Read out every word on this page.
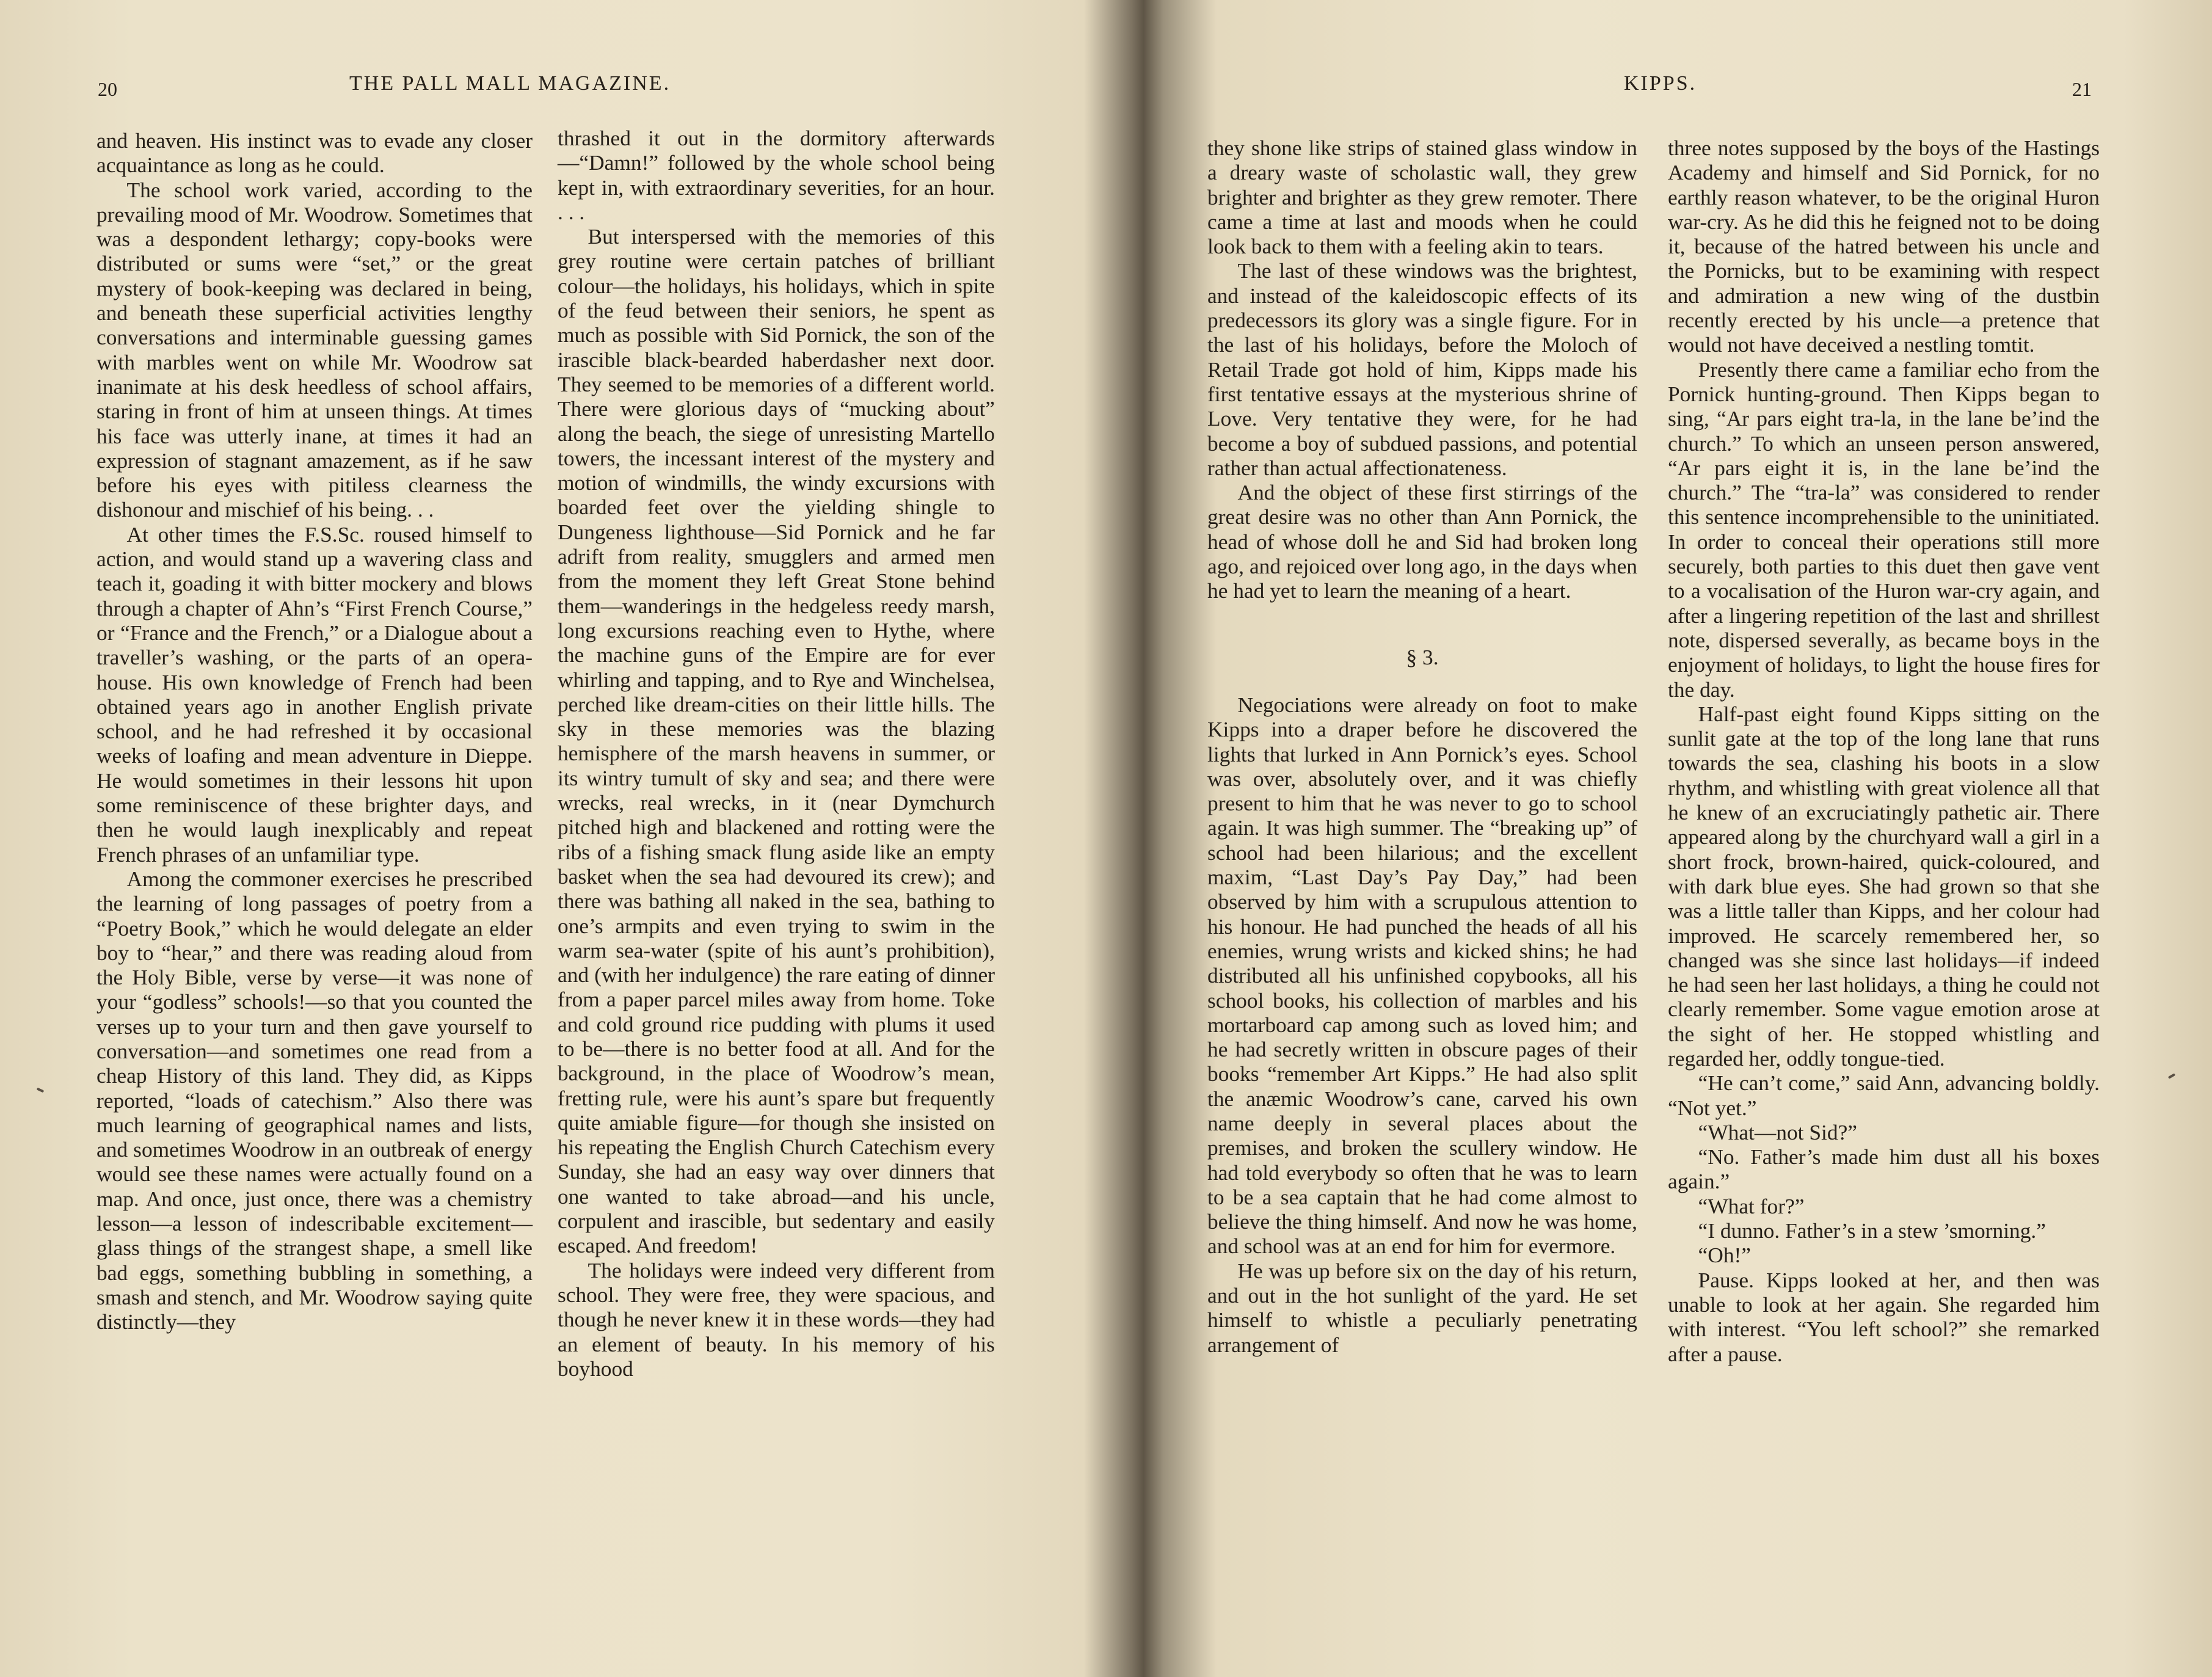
20	THE PALL MALL MAGAZINE.

and heaven. His instinct was to evade any closer acquaintance as long as he could.

The school work varied, according to the prevailing mood of Mr. Woodrow. Sometimes that was a despondent lethargy; copy-books were distributed or sums were “set,” or the great mystery of book-keeping was declared in being, and beneath these superficial activities lengthy conversations and interminable guessing games with marbles went on while Mr. Woodrow sat inanimate at his desk heedless of school affairs, staring in front of him at unseen things. At times his face was utterly inane, at times it had an expression of stagnant amazement, as if he saw before his eyes with pitiless clearness the dishonour and mischief of his being. . .

At other times the F.S.Sc. roused himself to action, and would stand up a wavering class and teach it, goading it with bitter mockery and blows through a chapter of Ahn’s “First French Course,” or “France and the French,” or a Dialogue about a traveller’s washing, or the parts of an opera-house. His own knowledge of French had been obtained years ago in another English private school, and he had refreshed it by occasional weeks of loafing and mean adventure in Dieppe. He would sometimes in their lessons hit upon some reminiscence of these brighter days, and then he would laugh inexplicably and repeat French phrases of an unfamiliar type.

Among the commoner exercises he prescribed the learning of long passages of poetry from a “Poetry Book,” which he would delegate an elder boy to “hear,” and there was reading aloud from the Holy Bible, verse by verse—it was none of your “godless” schools!—so that you counted the verses up to your turn and then gave yourself to conversation—and sometimes one read from a cheap History of this land. They did, as Kipps reported, “loads of catechism.” Also there was much learning of geographical names and lists, and sometimes Woodrow in an outbreak of energy would see these names were actually found on a map. And once, just once, there was a chemistry lesson—a lesson of indescribable excitement—glass things of the strangest shape, a smell like bad eggs, something bubbling in something, a smash and stench, and Mr. Woodrow saying quite distinctly—they

thrashed it out in the dormitory afterwards —“Damn!” followed by the whole school being kept in, with extraordinary severities, for an hour. . . .

But interspersed with the memories of this grey routine were certain patches of brilliant colour—the holidays, his holidays, which in spite of the feud between their seniors, he spent as much as possible with Sid Pornick, the son of the irascible black-bearded haberdasher next door. They seemed to be memories of a different world. There were glorious days of “mucking about” along the beach, the siege of unresisting Martello towers, the incessant interest of the mystery and motion of windmills, the windy excursions with boarded feet over the yielding shingle to Dungeness lighthouse—Sid Pornick and he far adrift from reality, smugglers and armed men from the moment they left Great Stone behind them—wanderings in the hedgeless reedy marsh, long excursions reaching even to Hythe, where the machine guns of the Empire are for ever whirling and tapping, and to Rye and Winchelsea, perched like dream-cities on their little hills. The sky in these memories was the blazing hemisphere of the marsh heavens in summer, or its wintry tumult of sky and sea; and there were wrecks, real wrecks, in it (near Dymchurch pitched high and blackened and rotting were the ribs of a fishing smack flung aside like an empty basket when the sea had devoured its crew); and there was bathing all naked in the sea, bathing to one’s armpits and even trying to swim in the warm sea-water (spite of his aunt’s prohibition), and (with her indulgence) the rare eating of dinner from a paper parcel miles away from home. Toke and cold ground rice pudding with plums it used to be—there is no better food at all. And for the background, in the place of Woodrow’s mean, fretting rule, were his aunt’s spare but frequently quite amiable figure—for though she insisted on his repeating the English Church Catechism every Sunday, she had an easy way over dinners that one wanted to take abroad—and his uncle, corpulent and irascible, but sedentary and easily escaped. And freedom!

The holidays were indeed very different from school. They were free, they were spacious, and though he never knew it in these words—they had an element of beauty. In his memory of his boyhood

KIPPS.	21

they shone like strips of stained glass window in a dreary waste of scholastic wall, they grew brighter and brighter as they grew remoter. There came a time at last and moods when he could look back to them with a feeling akin to tears.

The last of these windows was the brightest, and instead of the kaleidoscopic effects of its predecessors its glory was a single figure. For in the last of his holidays, before the Moloch of Retail Trade got hold of him, Kipps made his first tentative essays at the mysterious shrine of Love. Very tentative they were, for he had become a boy of subdued passions, and potential rather than actual affectionateness.

And the object of these first stirrings of the great desire was no other than Ann Pornick, the head of whose doll he and Sid had broken long ago, and rejoiced over long ago, in the days when he had yet to learn the meaning of a heart.

§ 3.

Negociations were already on foot to make Kipps into a draper before he discovered the lights that lurked in Ann Pornick’s eyes. School was over, absolutely over, and it was chiefly present to him that he was never to go to school again. It was high summer. The “breaking up” of school had been hilarious; and the excellent maxim, “Last Day’s Pay Day,” had been observed by him with a scrupulous attention to his honour. He had punched the heads of all his enemies, wrung wrists and kicked shins; he had distributed all his unfinished copybooks, all his school books, his collection of marbles and his mortarboard cap among such as loved him; and he had secretly written in obscure pages of their books “remember Art Kipps.” He had also split the anæmic Woodrow’s cane, carved his own name deeply in several places about the premises, and broken the scullery window. He had told everybody so often that he was to learn to be a sea captain that he had come almost to believe the thing himself. And now he was home, and school was at an end for him for evermore.

He was up before six on the day of his return, and out in the hot sunlight of the yard. He set himself to whistle a peculiarly penetrating arrangement of

three notes supposed by the boys of the Hastings Academy and himself and Sid Pornick, for no earthly reason whatever, to be the original Huron war-cry. As he did this he feigned not to be doing it, because of the hatred between his uncle and the Pornicks, but to be examining with respect and admiration a new wing of the dustbin recently erected by his uncle—a pretence that would not have deceived a nestling tomtit.

Presently there came a familiar echo from the Pornick hunting-ground. Then Kipps began to sing, “Ar pars eight tra-la, in the lane be’ind the church.” To which an unseen person answered, “Ar pars eight it is, in the lane be’ind the church.” The “tra-la” was considered to render this sentence incomprehensible to the uninitiated. In order to conceal their operations still more securely, both parties to this duet then gave vent to a vocalisation of the Huron war-cry again, and after a lingering repetition of the last and shrillest note, dispersed severally, as became boys in the enjoyment of holidays, to light the house fires for the day.

Half-past eight found Kipps sitting on the sunlit gate at the top of the long lane that runs towards the sea, clashing his boots in a slow rhythm, and whistling with great violence all that he knew of an excruciatingly pathetic air. There appeared along by the churchyard wall a girl in a short frock, brown-haired, quick-coloured, and with dark blue eyes. She had grown so that she was a little taller than Kipps, and her colour had improved. He scarcely remembered her, so changed was she since last holidays—if indeed he had seen her last holidays, a thing he could not clearly remember. Some vague emotion arose at the sight of her. He stopped whistling and regarded her, oddly tongue-tied.

“He can’t come,” said Ann, advancing boldly. “Not yet.”

“What—not Sid?”

“No. Father’s made him dust all his boxes again.”

“What for?”

“I dunno. Father’s in a stew ’smorning.”

“Oh!”

Pause. Kipps looked at her, and then was unable to look at her again. She regarded him with interest. “You left school?” she remarked after a pause.
